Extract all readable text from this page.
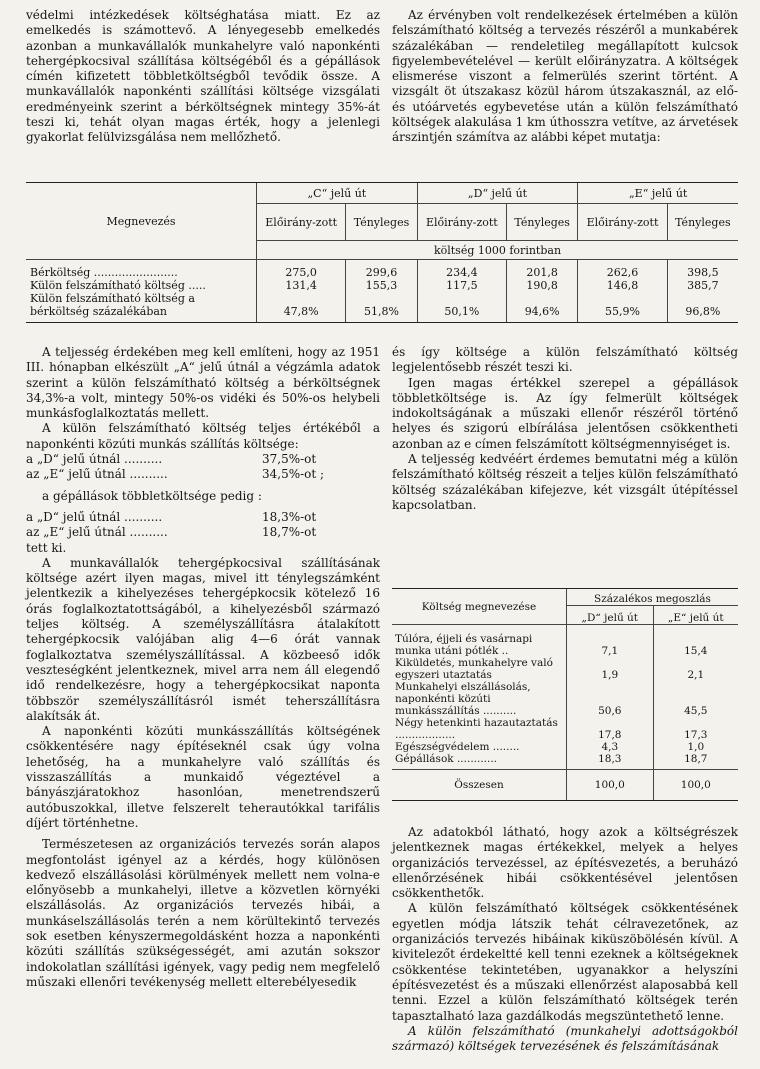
védelmi intézkedések költséghatása miatt. Ez az emelkedés is számottevő. A lényegesebb emelkedés azonban a munkavállalók munkahelyre való naponkénti tehergépkocsival szállítása költségéből és a gépállások címén kifizetett többletköltségből tevődik össze. A munkavállalók naponkénti szállítási költsége vizsgálati eredményeink szerint a bérköltségnek mintegy 35%-át teszi ki, tehát olyan magas érték, hogy a jelenlegi gyakorlat felülvizsgálása nem mellőzhető.

Az érvényben volt rendelkezések értelmében a külön felszámítható költség a tervezés részéről a munkabérek százalékában — rendeletileg megállapított kulcsok figyelembevételével — került előirányzatra. A költségek elismerése viszont a felmerülés szerint történt. A vizsgált öt útszakasz közül három útszakasznál, az elő- és utóárvetés egybevetése után a külön felszámítható költségek alakulása 1 km úthosszra vetítve, az árvetések árszintjén számítva az alábbi képet mutatja:

Megnevezés	„C“ jelű út		„D“ jelű út		„E“ jelű út	
	Előirány-zott	Tényleges	Előirány-zott	Tényleges	Előirány-zott	Tényleges
	költség 1000 forintban					
Bérköltség ........................	275,0	299,6	234,4	201,8	262,6	398,5
Külön felszámítható költség .....	131,4	155,3	117,5	190,8	146,8	385,7
Külön felszámítható költség a bérköltség százalékában	47,8%	51,8%	50,1%	94,6%	55,9%	96,8%

A teljesség érdekében meg kell említeni, hogy az 1951 III. hónapban elkészült „A“ jelű útnál a végzámla adatok szerint a külön felszámítható költség a bérköltségnek 34,3%-a volt, mintegy 50%-os vidéki és 50%-os helybeli munkásfoglalkoztatás mellett.

A külön felszámítható költség teljes értékéből a naponkénti közúti munkás szállítás költsége:

a „D“ jelű útnál ..........	37,5%-ot

az „E“ jelű útnál ..........	34,5%-ot ;

a gépállások többletköltsége pedig :

a „D“ jelű útnál ..........	18,3%-ot

az „E“ jelű útnál ..........	18,7%-ot

tett ki.

A munkavállalók tehergépkocsival szállításának költsége azért ilyen magas, mivel itt ténylegszámként jelentkezik a kihelyezéses tehergépkocsik kötelező 16 órás foglalkoztatottságából, a kihelyezésből származó teljes költség. A személyszállításra átalakított tehergépkocsik valójában alig 4—6 órát vannak foglalkoztatva személyszállítással. A közbeeső idők veszteségként jelentkeznek, mivel arra nem áll elegendő idő rendelkezésre, hogy a tehergépkocsikat naponta többször személyszállításról ismét teherszállításra alakítsák át.

A naponkénti közúti munkásszállítás költségének csökkentésére nagy építéseknél csak úgy volna lehetőség, ha a munkahelyre való szállítás és visszaszállítás a munkaidő végeztével a bányászjáratokhoz hasonlóan, menetrendszerű autóbuszokkal, illetve felszerelt teherautókkal tarifális díjért történhetne.

Természetesen az organizációs tervezés során alapos megfontolást igényel az a kérdés, hogy különösen kedvező elszállásolási körülmények mellett nem volna-e előnyösebb a munkahelyi, illetve a közvetlen környéki elszállásolás. Az organizációs tervezés hibái, a munkáselszállásolás terén a nem körültekintő tervezés sok esetben kényszermegoldásként hozza a naponkénti közúti szállítás szükségességét, ami azután sokszor indokolatlan szállítási igények, vagy pedig nem megfelelő műszaki ellenőri tevékenység mellett elterebélyesedik

és így költsége a külön felszámítható költség legjelentősebb részét teszi ki.

Igen magas értékkel szerepel a gépállások többletköltsége is. Az így felmerült költségek indokoltságának a műszaki ellenőr részéről történő helyes és szigorú elbírálása jelentősen csökkentheti azonban az e címen felszámított költségmennyiséget is.

A teljesség kedvéért érdemes bemutatni még a külön felszámítható költség részeit a teljes külön felszámítható költség százalékában kifejezve, két vizsgált útépítéssel kapcsolatban.

Költség megnevezése	Százalékos megoszlás	
	„D“ jelű út	„E“ jelű út
Túlóra, éjjeli és vasárnapi munka utáni pótlék ..	7,1	15,4
Kiküldetés, munkahelyre való egyszeri utaztatás	1,9	2,1
Munkahelyi elszállásolás, naponkénti közúti munkásszállítás ..........	50,6	45,5
Négy hetenkinti hazautaztatás ..................	17,8	17,3
Egészségvédelem ........	4,3	1,0
Gépállások ............	18,3	18,7
Összesen	100,0	100,0

Az adatokból látható, hogy azok a költségrészek jelentkeznek magas értékekkel, melyek a helyes organizációs tervezéssel, az építésvezetés, a beruházó ellenőrzésének hibái csökkentésével jelentősen csökkenthetők.

A külön felszámítható költségek csökkentésének egyetlen módja látszik tehát célravezetőnek, az organizációs tervezés hibáinak kiküszöbölésén kívül. A kivitelezőt érdekeltté kell tenni ezeknek a költségeknek csökkentése tekintetében, ugyanakkor a helyszíni építésvezetést és a műszaki ellenőrzést alaposabbá kell tenni. Ezzel a külön felszámítható költségek terén tapasztalható laza gazdálkodás megszüntethető lenne.

A külön felszámítható (munkahelyi adottságokból származó) költségek tervezésének és felszámításának
